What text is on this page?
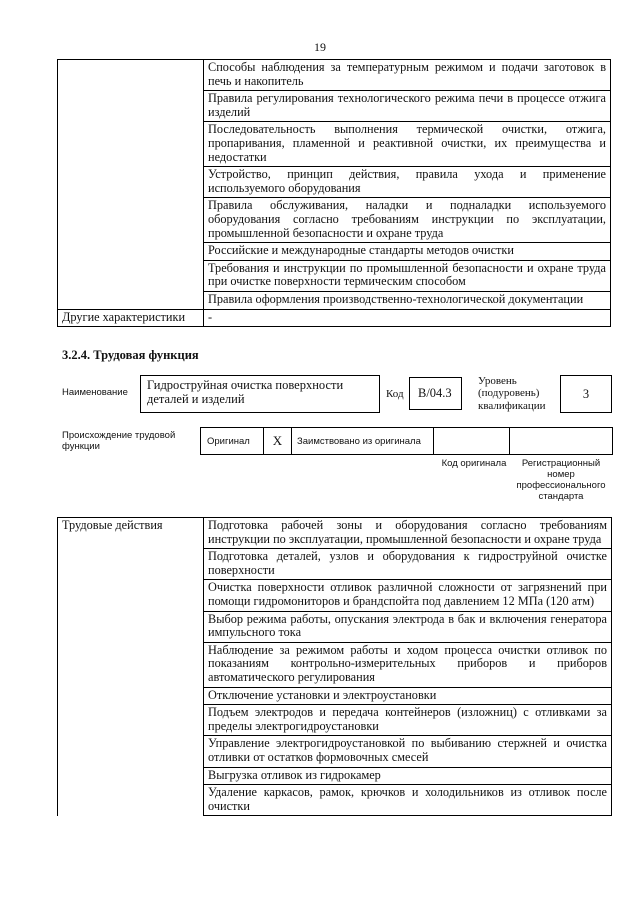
19
	Способы наблюдения за температурным режимом и подачи заготовок в печь и накопитель
	Правила регулирования технологического режима печи в процессе отжига изделий
	Последовательность выполнения термической очистки, отжига, пропаривания, пламенной и реактивной очистки, их преимущества и недостатки
	Устройство, принцип действия, правила ухода и применение используемого оборудования
	Правила обслуживания, наладки и подналадки используемого оборудования согласно требованиям инструкции по эксплуатации, промышленной безопасности и охране труда
	Российские и международные стандарты методов очистки
	Требования и инструкции по промышленной безопасности и охране труда при очистке поверхности термическим способом
	Правила оформления производственно-технологической документации
Другие характеристики	-
3.2.4. Трудовая функция
Наименование
Гидроструйная очистка поверхности деталей и изделий	Код	B/04.3
Уровень (подуровень) квалификации
3
Происхождение трудовой функции	Оригинал	X	Заимствовано из оригинала
Код оригинала	Регистрационный номер профессионального стандарта
Трудовые действия	Подготовка рабочей зоны и оборудования согласно требованиям инструкции по эксплуатации, промышленной безопасности и охране труда
Подготовка деталей, узлов и оборудования к гидроструйной очистке поверхности
Очистка поверхности отливок различной сложности от загрязнений при помощи гидромониторов и брандспойта под давлением 12 МПа (120 атм)
Выбор режима работы, опускания электрода в бак и включения генератора импульсного тока
Наблюдение за режимом работы и ходом процесса очистки отливок по показаниям контрольно-измерительных приборов и приборов автоматического регулирования
Отключение установки и электроустановки
Подъем электродов и передача контейнеров (изложниц) с отливками за пределы электрогидроустановки
Управление электрогидроустановкой по выбиванию стержней и очистка отливки от остатков формовочных смесей
Выгрузка отливок из гидрокамер
Удаление каркасов, рамок, крючков и холодильников из отливок после очистки
